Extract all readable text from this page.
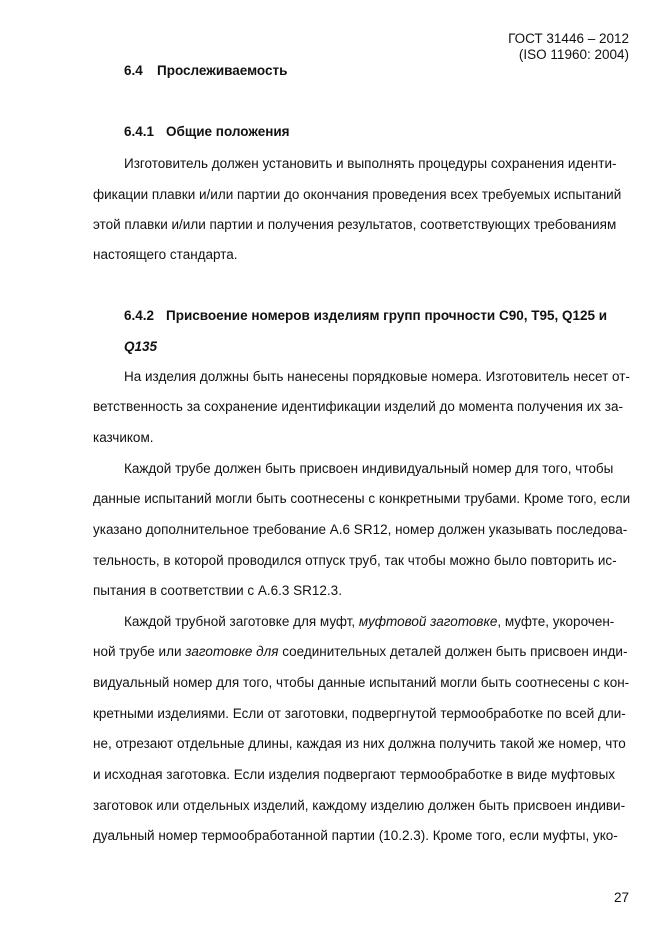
ГОСТ 31446 – 2012
(ISO 11960: 2004)
6.4 Прослеживаемость
6.4.1 Общие положения
Изготовитель должен установить и выполнять процедуры сохранения иденти-
фикации плавки и/или партии до окончания проведения всех требуемых испытаний
этой плавки и/или партии и получения результатов, соответствующих требованиям
настоящего стандарта.
6.4.2 Присвоение номеров изделиям групп прочности C90, T95, Q125 и
Q135
На изделия должны быть нанесены порядковые номера. Изготовитель несет от-
ветственность за сохранение идентификации изделий до момента получения их за-
казчиком.
Каждой трубе должен быть присвоен индивидуальный номер для того, чтобы
данные испытаний могли быть соотнесены с конкретными трубами. Кроме того, если
указано дополнительное требование A.6 SR12, номер должен указывать последова-
тельность, в которой проводился отпуск труб, так чтобы можно было повторить ис-
пытания в соответствии с A.6.3 SR12.3.
Каждой трубной заготовке для муфт, муфтовой заготовке, муфте, укорочен-
ной трубе или заготовке для соединительных деталей должен быть присвоен инди-
видуальный номер для того, чтобы данные испытаний могли быть соотнесены с кон-
кретными изделиями. Если от заготовки, подвергнутой термообработке по всей дли-
не, отрезают отдельные длины, каждая из них должна получить такой же номер, что
и исходная заготовка. Если изделия подвергают термообработке в виде муфтовых
заготовок или отдельных изделий, каждому изделию должен быть присвоен индиви-
дуальный номер термообработанной партии (10.2.3). Кроме того, если муфты, уко-
27
